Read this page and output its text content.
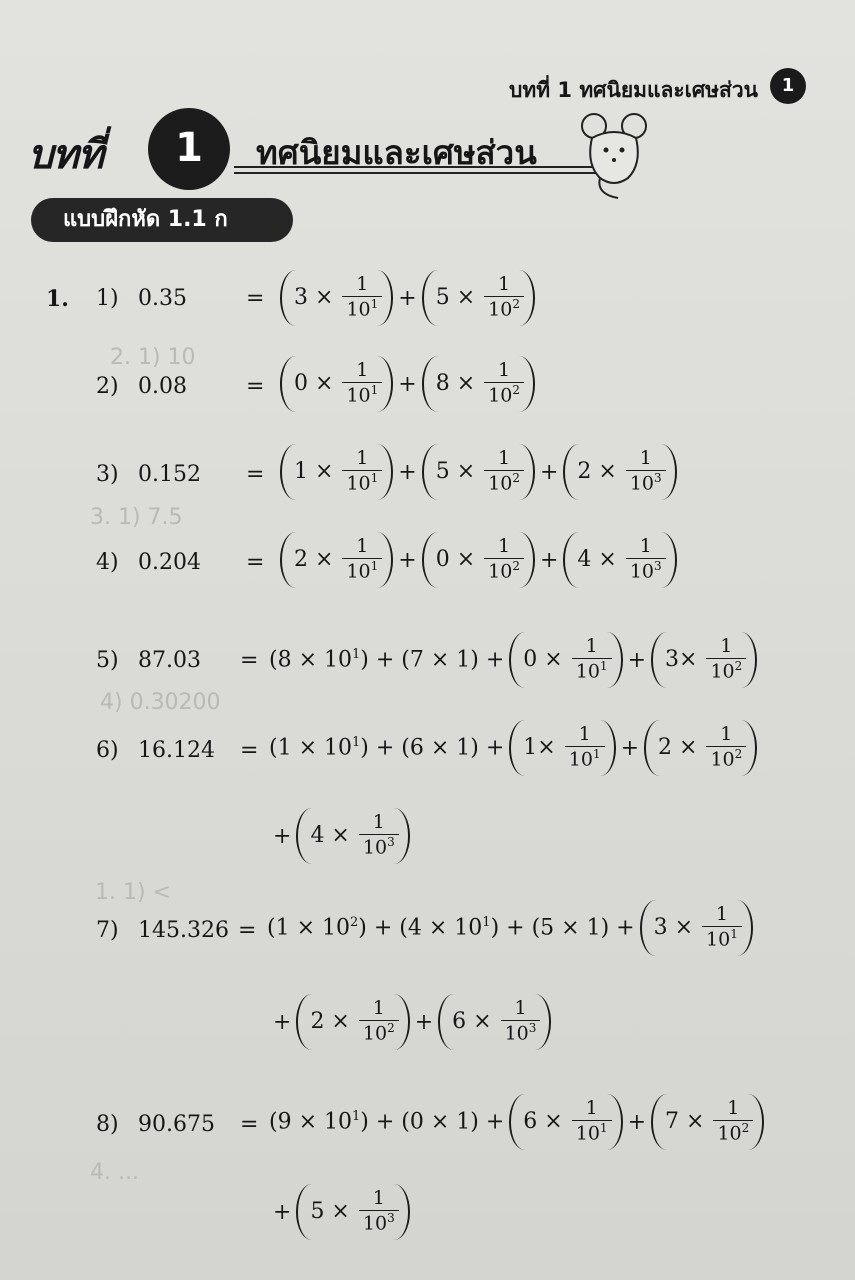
2. 1) 10
3. 1) 7.5
4) 0.30200
1. 1) <
4. ...
บทที่ 1 ทศนิยมและเศษส่วน	1
บทที่	1	ทศนิยมและเศษส่วน
แบบฝึกหัด 1.1 ก
1. 1) 0.35	= $3 \times \frac{1}{10^1} + 5 \times \frac{1}{10^2}$
2) 0.08	= $0 \times \frac{1}{10^1} + 8 \times \frac{1}{10^2}$
3) $0.152 = 1 \times \frac{1}{10^1} + 5 \times \frac{1}{10^2} + 2 \times \frac{1}{10^3}$
4) $0.204 = 2 \times \frac{1}{10^1} + 0 \times \frac{1}{10^2} + 4 \times \frac{1}{10^3}$
5) $87.03 = (8 \times 10^1) + (7 \times 1) + 0 \times \frac{1}{10^1} + 3\times \frac{1}{10^2}$
6) $16.124 = (1 \times 10^1) + (6 \times 1) + 1\times \frac{1}{10^1} + 2 \times \frac{1}{10^2}$
+ $4 \times \frac{1}{10^3}$
7) $145.326 = (1 \times 10^2) + (4 \times 10^1) + (5 \times 1) + 3 \times \frac{1}{10^1}$
+ $2 \times \frac{1}{10^2} + 6 \times \frac{1}{10^3}$
8) $90.675 = (9 \times 10^1) + (0 \times 1) + 6 \times \frac{1}{10^1} + 7 \times \frac{1}{10^2}$
+ $5 \times \frac{1}{10^3}$
